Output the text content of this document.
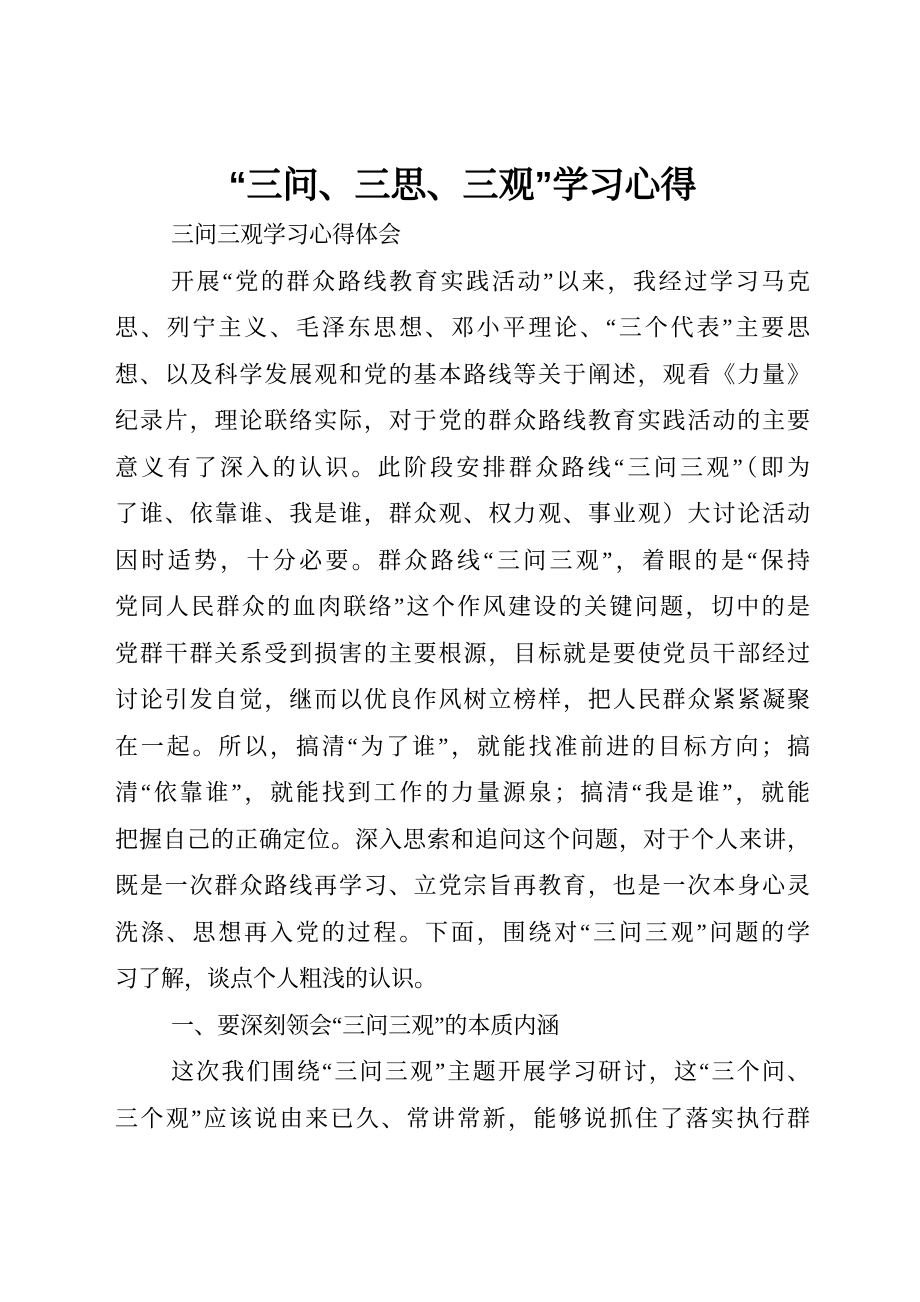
“三问、三思、三观”学习心得
三问三观学习心得体会
开展“党的群众路线教育实践活动”以来，我经过学习马克
思、列宁主义、毛泽东思想、邓小平理论、“三个代表”主要思
想、以及科学发展观和党的基本路线等关于阐述，观看《力量》
纪录片，理论联络实际，对于党的群众路线教育实践活动的主要
意义有了深入的认识。此阶段安排群众路线“三问三观”（即为
了谁、依靠谁、我是谁，群众观、权力观、事业观）大讨论活动
因时适势，十分必要。群众路线“三问三观”，着眼的是“保持
党同人民群众的血肉联络”这个作风建设的关键问题，切中的是
党群干群关系受到损害的主要根源，目标就是要使党员干部经过
讨论引发自觉，继而以优良作风树立榜样，把人民群众紧紧凝聚
在一起。所以，搞清“为了谁”，就能找准前进的目标方向；搞
清“依靠谁”，就能找到工作的力量源泉；搞清“我是谁”，就能
把握自己的正确定位。深入思索和追问这个问题，对于个人来讲，
既是一次群众路线再学习、立党宗旨再教育，也是一次本身心灵
洗涤、思想再入党的过程。下面，围绕对“三问三观”问题的学
习了解，谈点个人粗浅的认识。
一、要深刻领会“三问三观”的本质内涵
这次我们围绕“三问三观”主题开展学习研讨，这“三个问、
三个观”应该说由来已久、常讲常新，能够说抓住了落实执行群
